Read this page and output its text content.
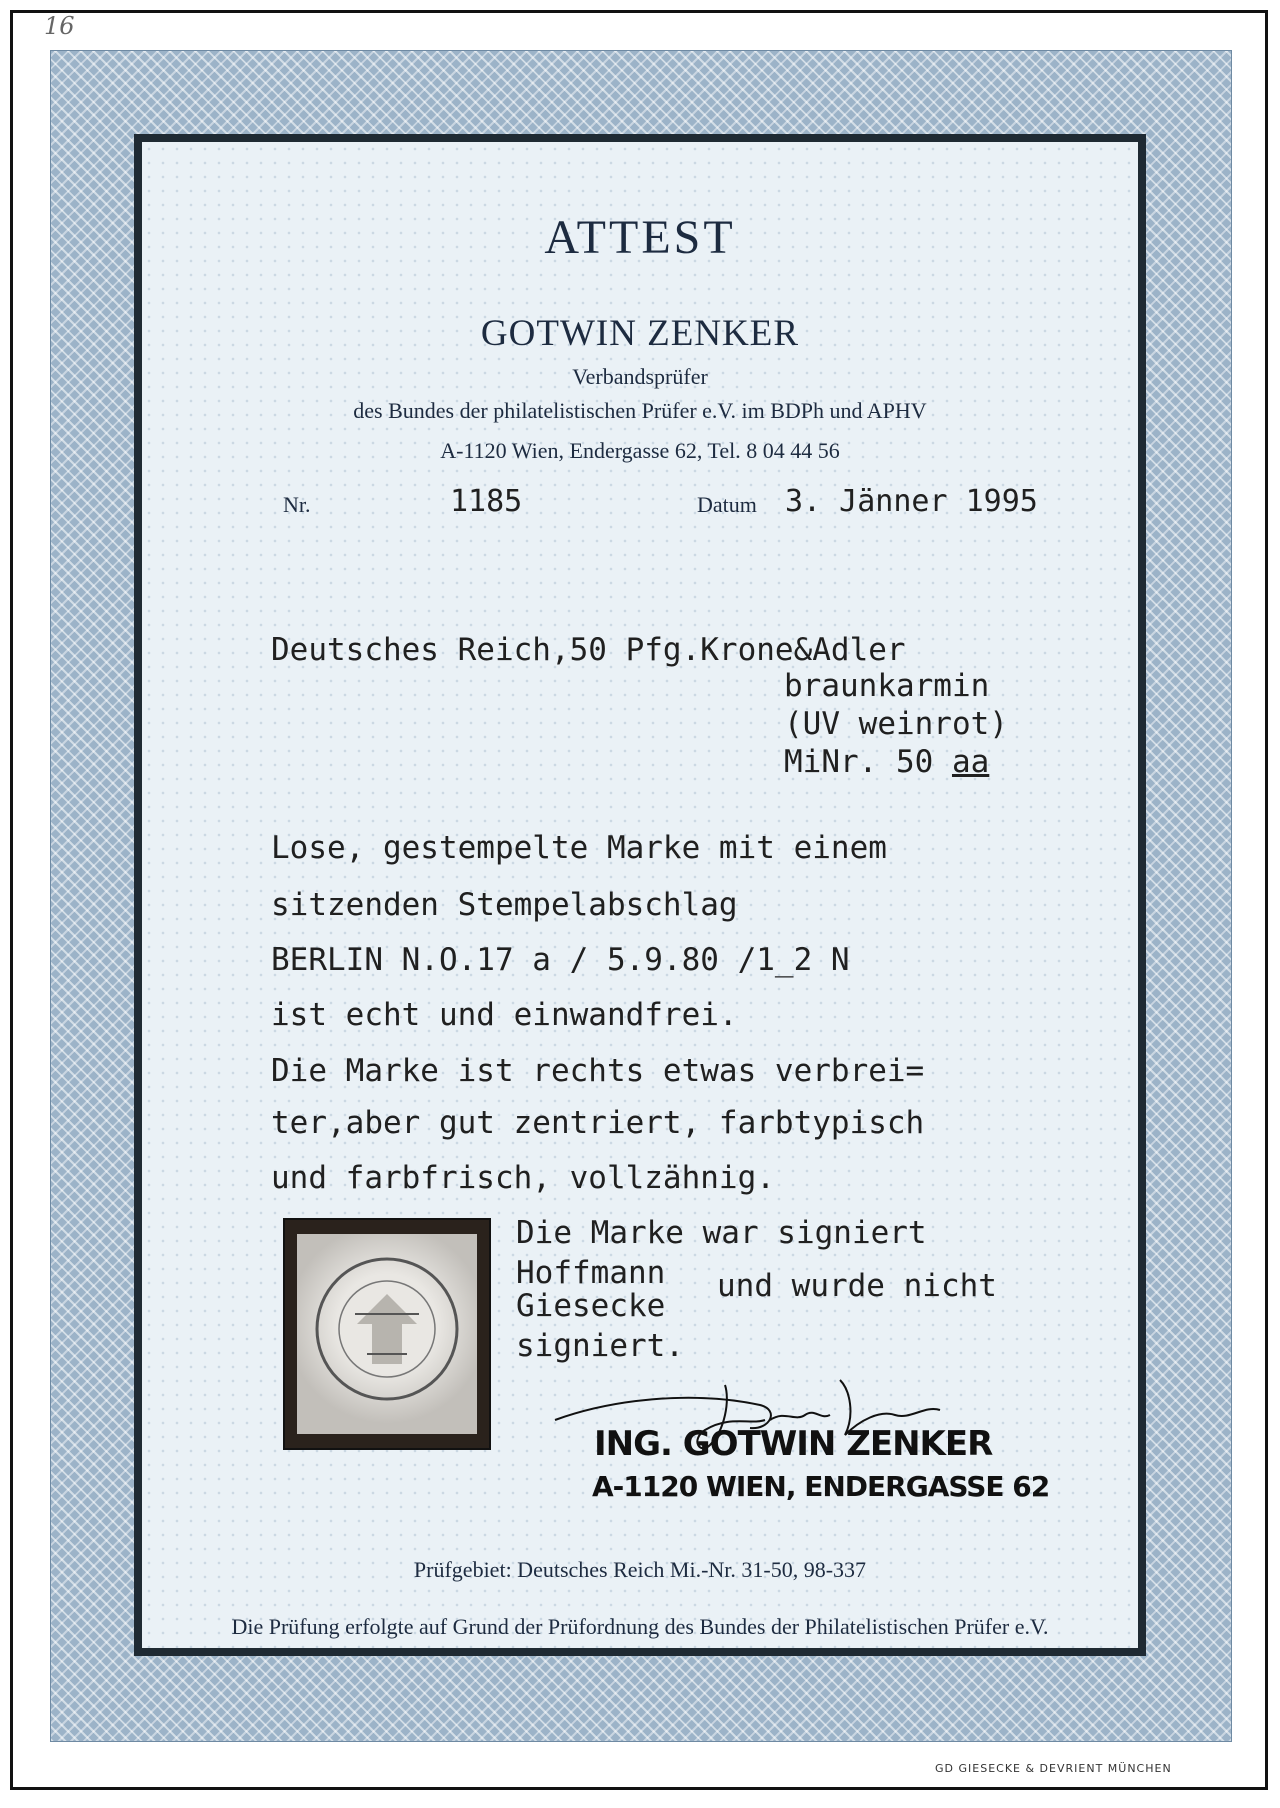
16
ATTEST
GOTWIN ZENKER
Verbandsprüfer
des Bundes der philatelistischen Prüfer e.V. im BDPh und APHV
A-1120 Wien, Endergasse 62, Tel. 8 04 44 56
Nr.	1185	Datum 3. Jänner 1995
Deutsches Reich,50 Pfg.Krone&Adler
braunkarmin
(UV weinrot)
MiNr. 50 aa
Lose, gestempelte Marke mit einem
sitzenden Stempelabschlag
BERLIN N.O.17 a / 5.9.80 /1_2 N
ist echt und einwandfrei.
Die Marke ist rechts etwas verbrei=
ter,aber gut zentriert, farbtypisch
und farbfrisch, vollzähnig.
Die Marke war signiert
Hoffmann und wurde nicht
Giesecke
signiert.
ING. GOTWIN ZENKER
A-1120 WIEN, ENDERGASSE 62
Prüfgebiet: Deutsches Reich Mi.-Nr. 31-50, 98-337
Die Prüfung erfolgte auf Grund der Prüfordnung des Bundes der Philatelistischen Prüfer e.V.
GD GIESECKE & DEVRIENT MÜNCHEN
